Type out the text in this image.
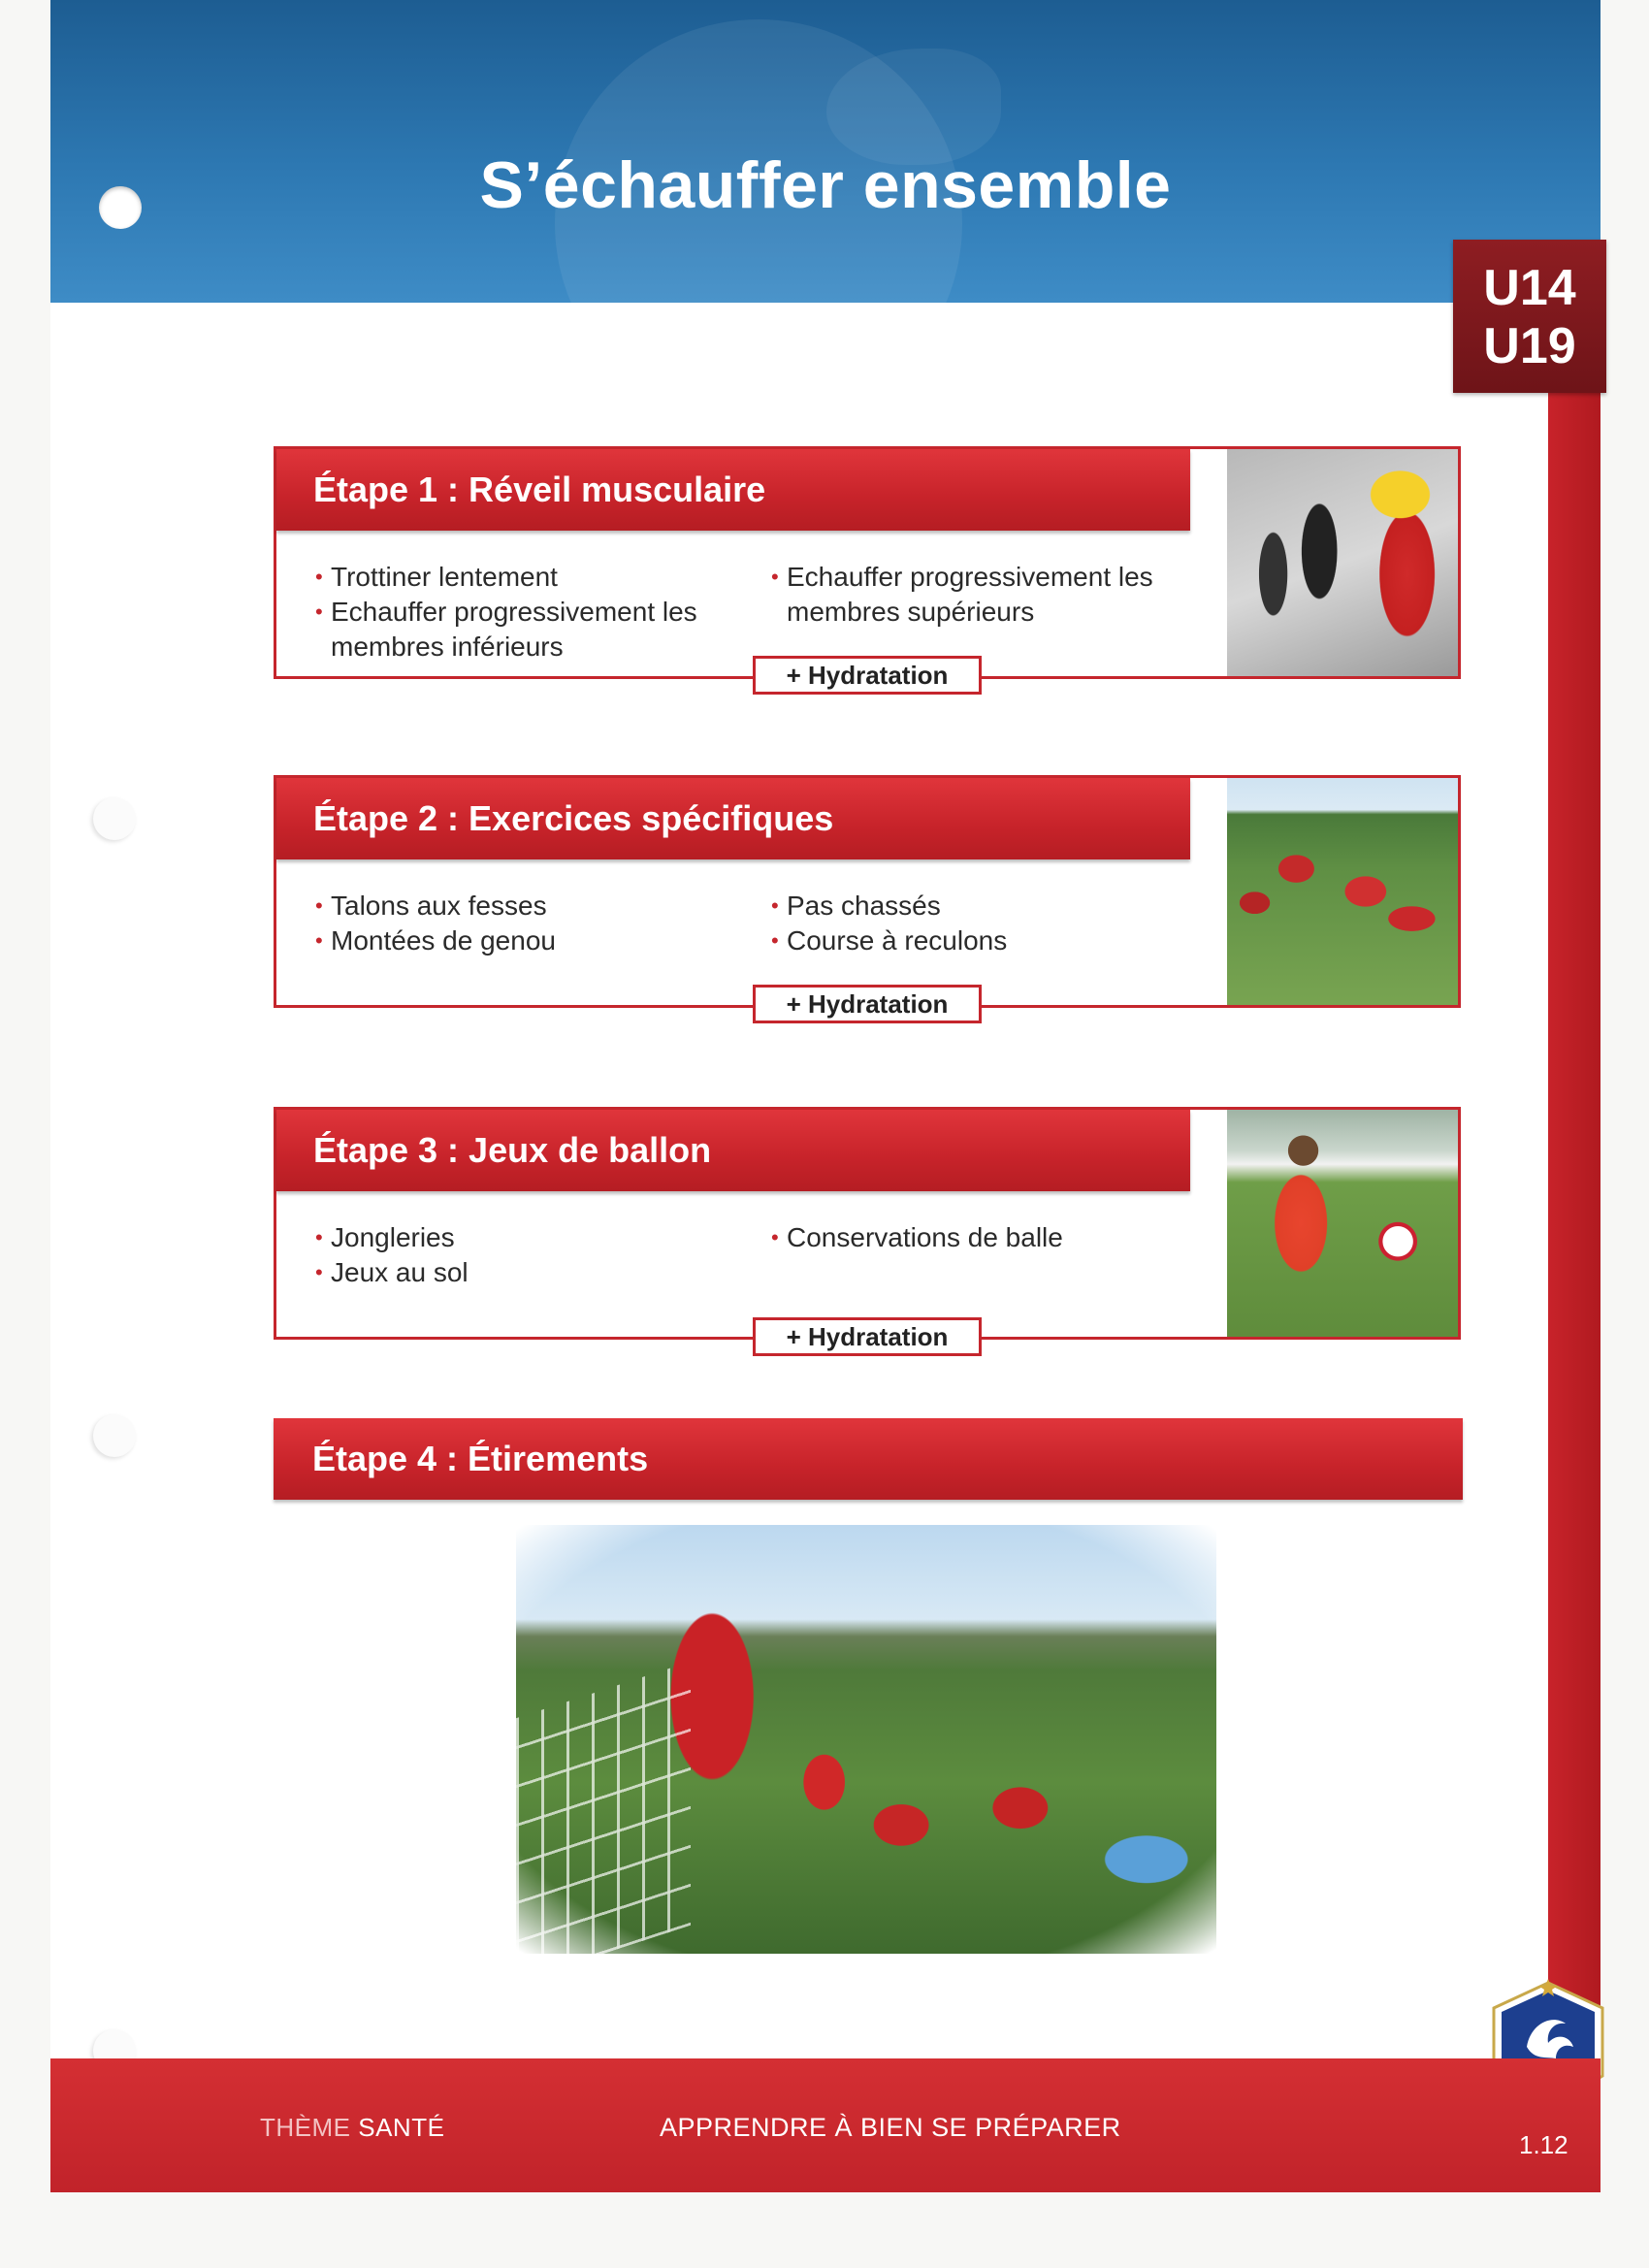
S’échauffer ensemble
U14
U19
Étape 1 : Réveil musculaire
• Trottiner lentement
• Echauffer progressivement les membres inférieurs
• Echauffer progressivement les membres supérieurs
+ Hydratation
Étape 2 : Exercices spécifiques
• Talons aux fesses
• Montées de genou
• Pas chassés
• Course à reculons
+ Hydratation
Étape 3 : Jeux de ballon
• Jongleries
• Jeux au sol
• Conservations de balle
+ Hydratation
Étape 4 : Étirements
THÈME SANTÉ	APPRENDRE À BIEN SE PRÉPARER
1.12
